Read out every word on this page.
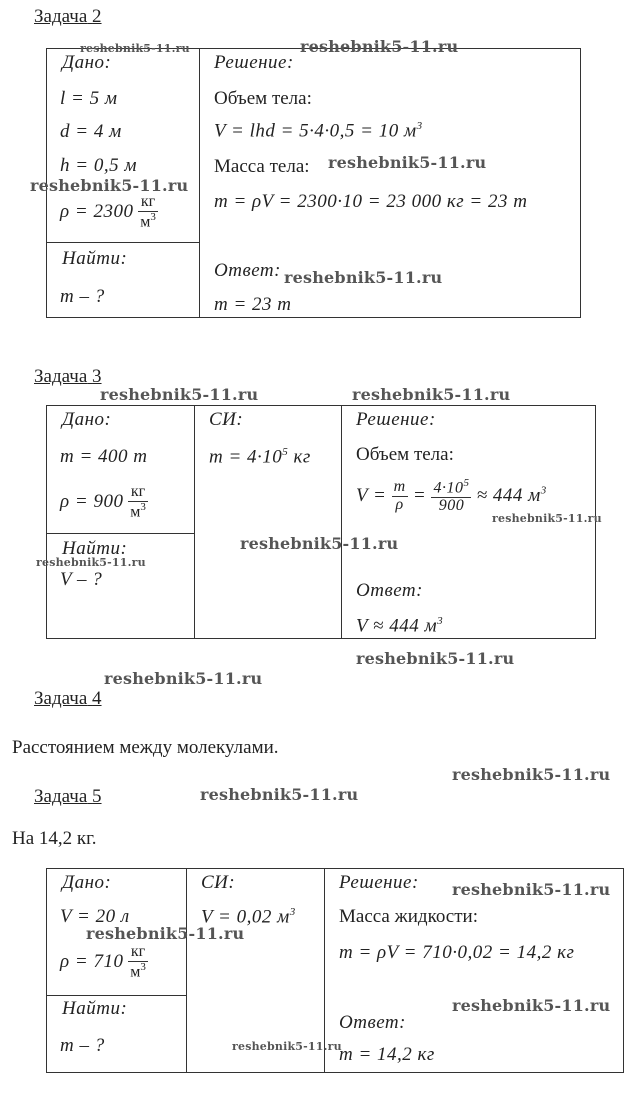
Задача 2
Дано:
l = 5 м
d = 4 м
h = 0,5 м
$\rho = 2300 \frac{кг}{м^3}$
Найти:
m – ?
Решение:
Объем тела:
V = lhd = 5·4·0,5 = 10 $м^3$
Масса тела:
m = ρV = 2300·10 = 23 000 кг = 23 т
Ответ:
m = 23 т
Задача 3
Дано:
m = 400 т
$\rho = 900 \frac{кг}{м^3}$
Найти:
V – ?
СИ:
$m = 4\cdot 10^5$ кг
Решение:
Объем тела:
$V = \frac{m}{\rho} = \frac{4\cdot 10^5}{900} \approx 444$ $м^3$
Ответ:
V ≈ 444 $м^3$
Задача 4
Расстоянием между молекулами.
Задача 5
На 14,2 кг.
Дано:
V = 20 л
$\rho = 710 \frac{кг}{м^3}$
Найти:
m – ?
СИ:
V = 0,02 $м^3$
Решение:
Масса жидкости:
m = ρV = 710·0,02 = 14,2 кг
Ответ:
m = 14,2 кг
reshebnik5-11.ru	reshebnik5-11.ru
reshebnik5-11.ru
reshebnik5-11.ru
reshebnik5-11.ru
reshebnik5-11.ru	reshebnik5-11.ru
reshebnik5-11.ru
reshebnik5-11.ru
reshebnik5-11.ru
reshebnik5-11.ru
reshebnik5-11.ru
reshebnik5-11.ru
reshebnik5-11.ru
reshebnik5-11.ru
reshebnik5-11.ru
reshebnik5-11.ru
reshebnik5-11.ru
